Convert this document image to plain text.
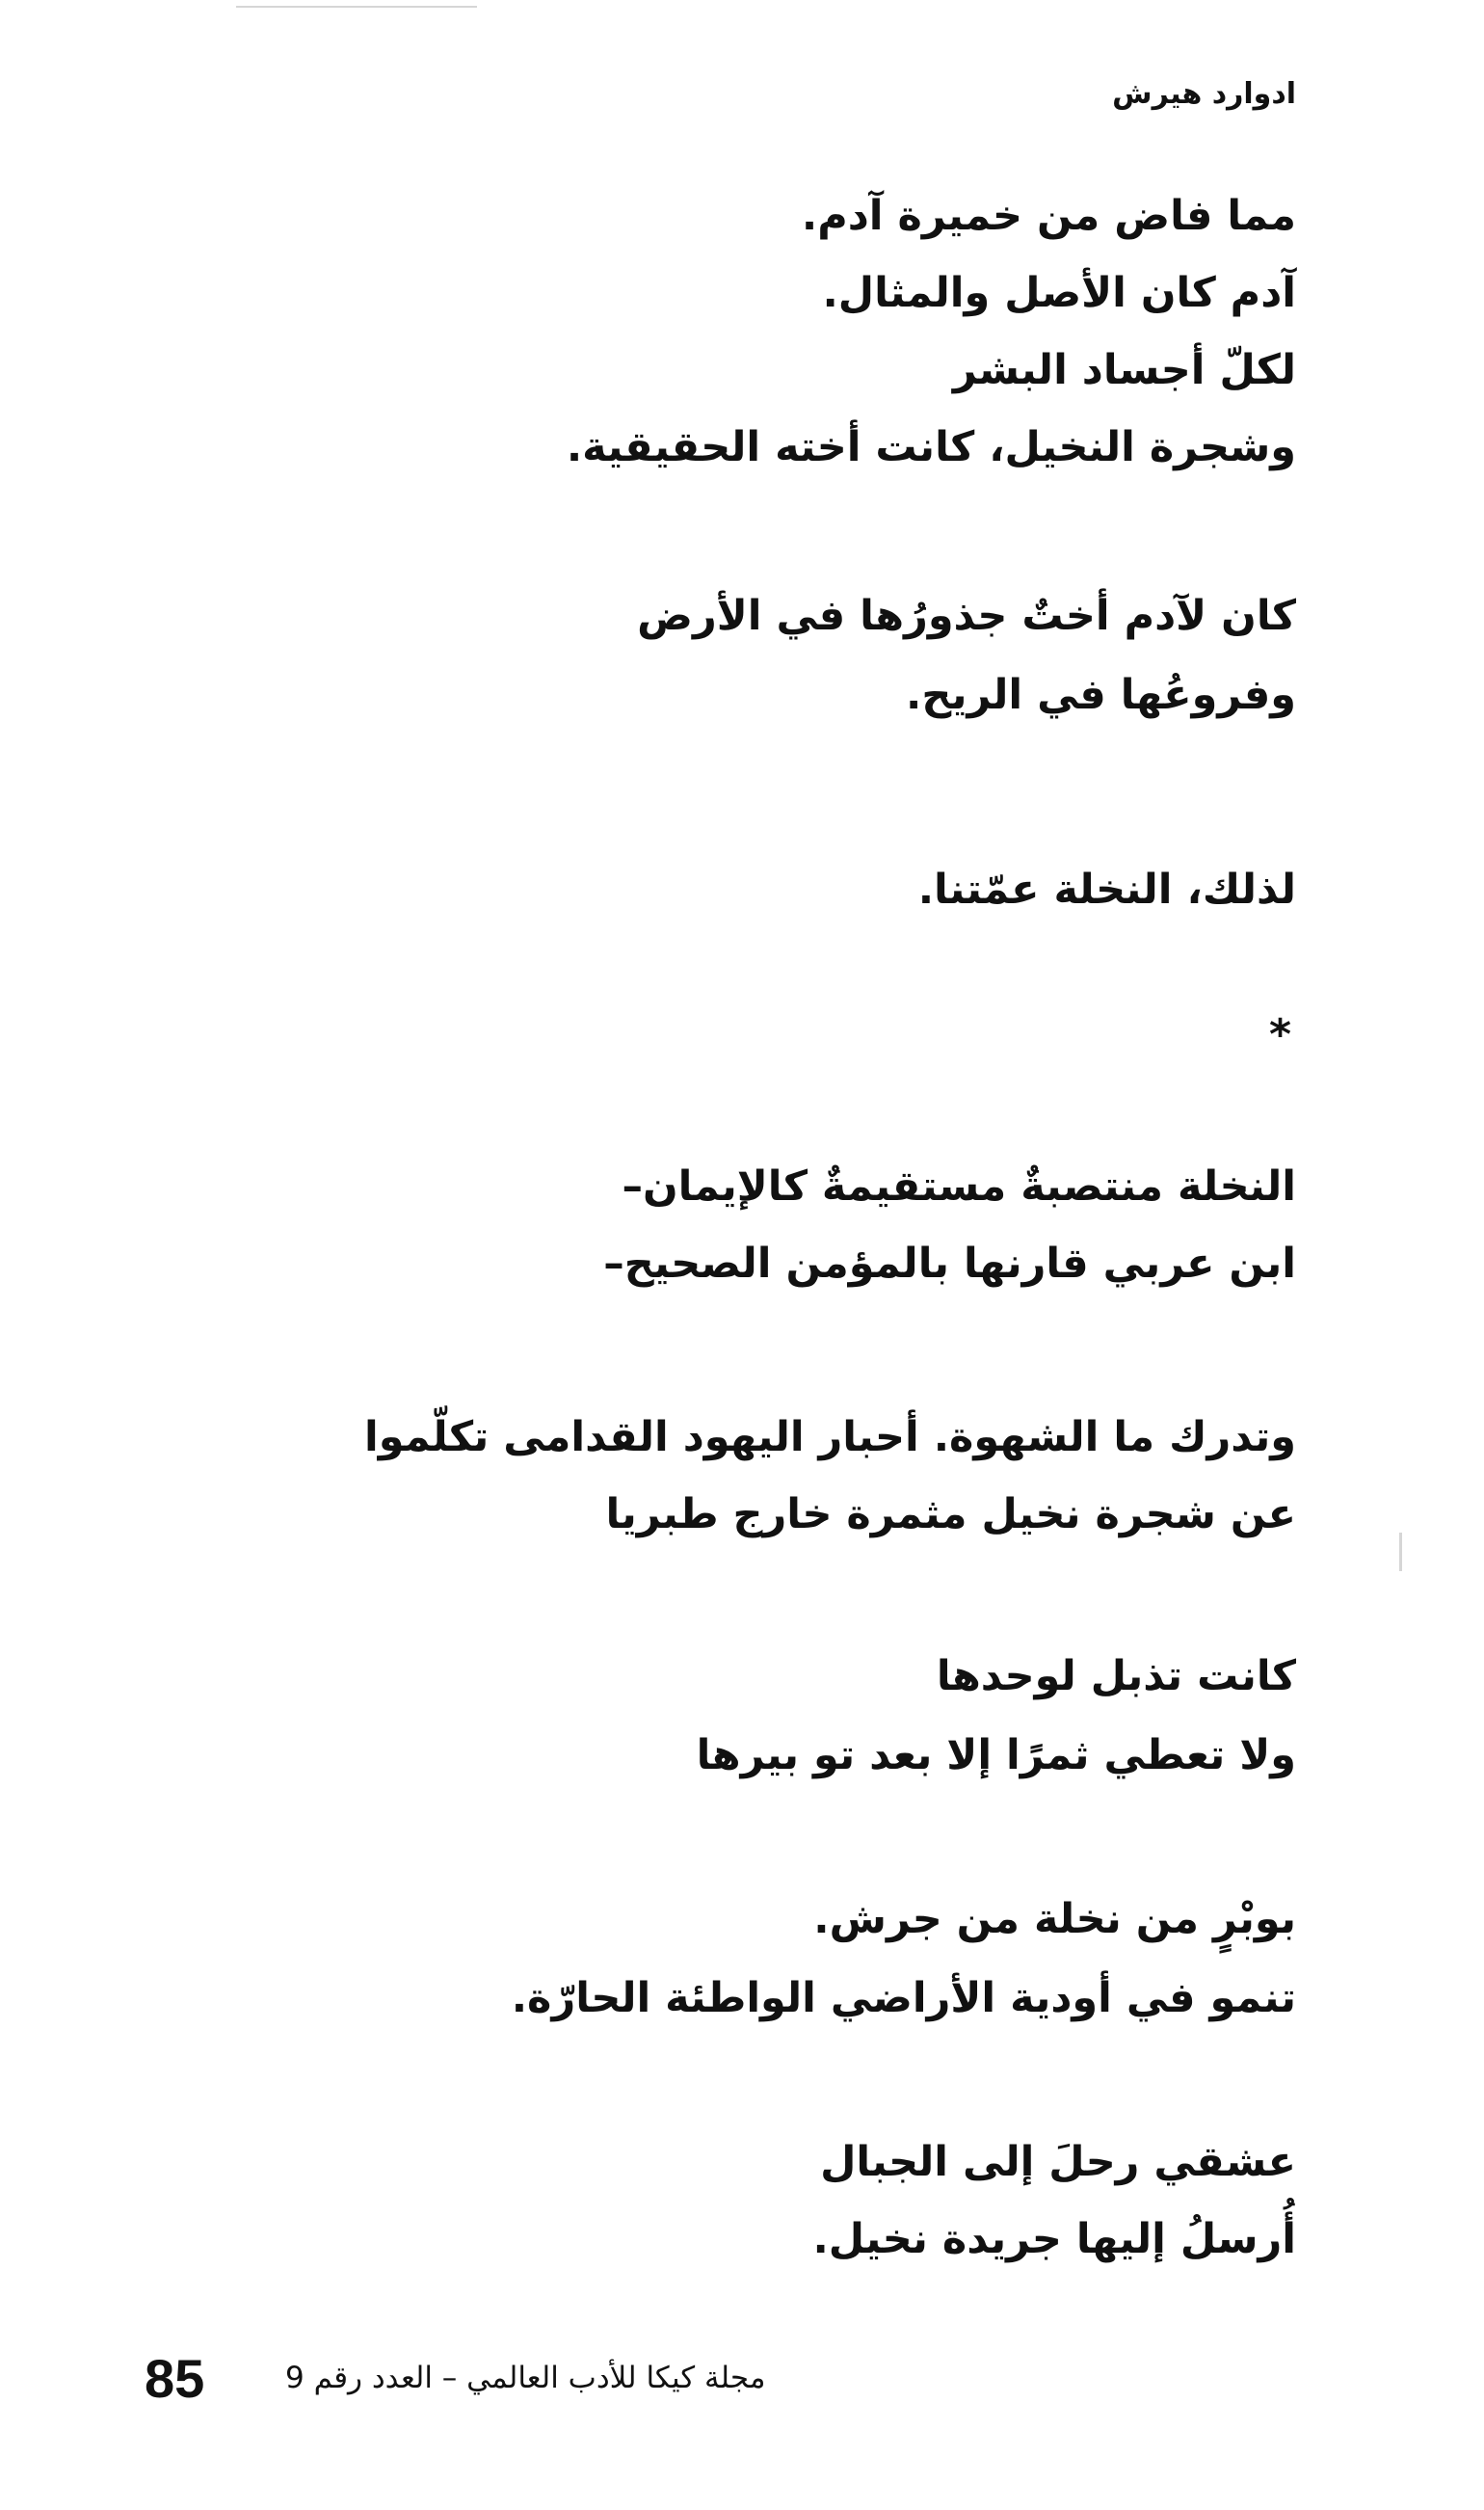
ادوارد هيرش
مما فاض من خميرة آدم.
آدم كان الأصل والمثال.
لكلّ أجساد البشر
وشجرة النخيل، كانت أخته الحقيقية.
كان لآدم أختٌ جذورُها في الأرض
وفروعُها في الريح.
لذلك، النخلة عمّتنا.
*
النخلة منتصبةٌ مستقيمةٌ كالإيمان–
ابن عربي قارنها بالمؤمن الصحيح–
وتدرك ما الشهوة. أحبار اليهود القدامى تكلّموا
عن شجرة نخيل مثمرة خارج طبريا
كانت تذبل لوحدها
ولا تعطي ثمرًا إلا بعد تو بيرها
بوبْرٍ من نخلة من جرش.
تنمو في أودية الأراضي الواطئة الحارّة.
عشقي رحلَ إلى الجبال
أُرسلُ إليها جريدة نخيل.
85	مجلة كيكا للأدب العالمي – العدد رقم 9
